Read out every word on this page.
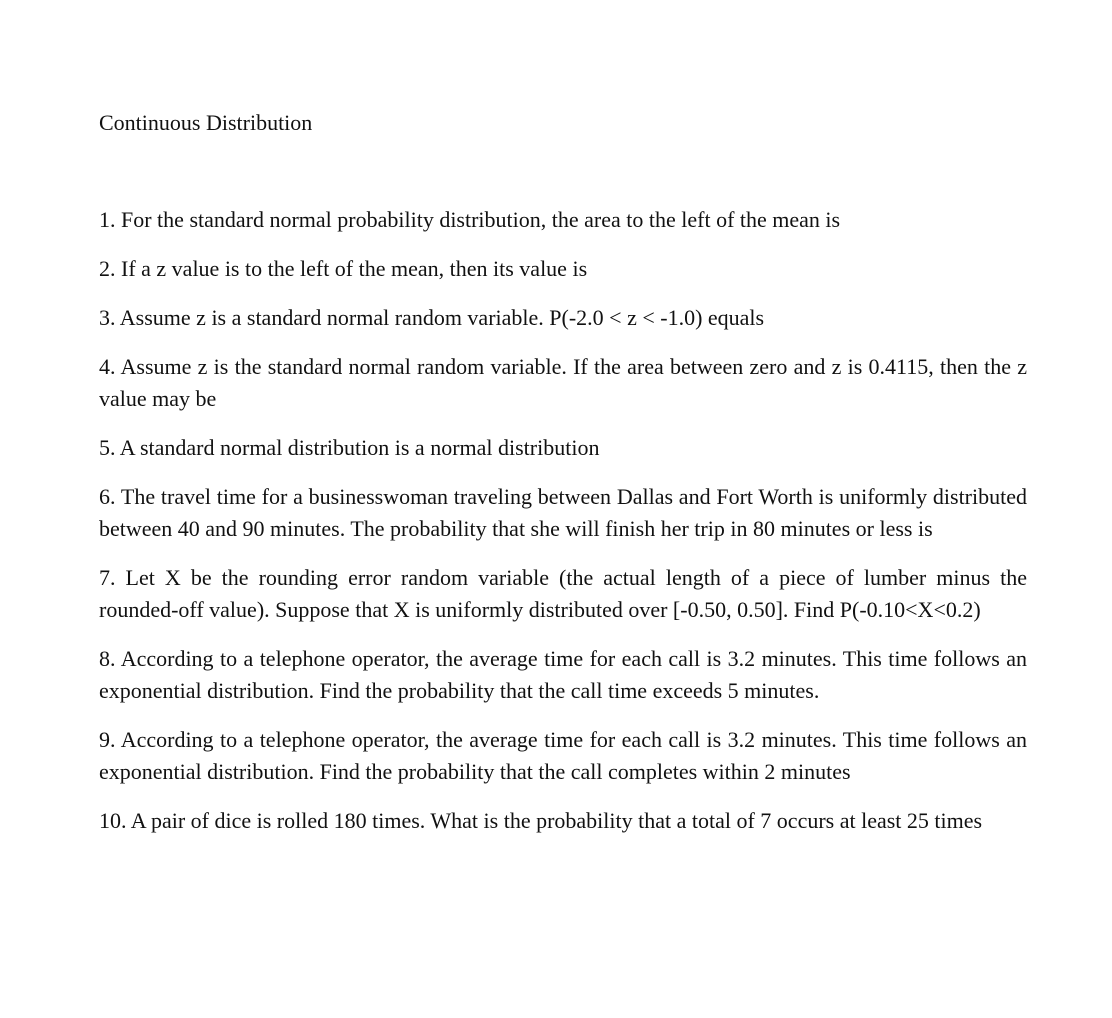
Continuous Distribution
1. For the standard normal probability distribution, the area to the left of the mean is
2. If a z value is to the left of the mean, then its value is
3. Assume z is a standard normal random variable. P(-2.0 < z < -1.0) equals
4. Assume z is the standard normal random variable. If the area between zero and z is 0.4115, then the z value may be
5. A standard normal distribution is a normal distribution
6. The travel time for a businesswoman traveling between Dallas and Fort Worth is uniformly distributed between 40 and 90 minutes. The probability that she will finish her trip in 80 minutes or less is
7. Let X be the rounding error random variable (the actual length of a piece of lumber minus the rounded-off value). Suppose that X is uniformly distributed over [-0.50, 0.50]. Find P(-0.10<X<0.2)
8. According to a telephone operator, the average time for each call is 3.2 minutes. This time follows an exponential distribution. Find the probability that the call time exceeds 5 minutes.
9. According to a telephone operator, the average time for each call is 3.2 minutes. This time follows an exponential distribution. Find the probability that the call completes within 2 minutes
10. A pair of dice is rolled 180 times. What is the probability that a total of 7 occurs at least 25 times
